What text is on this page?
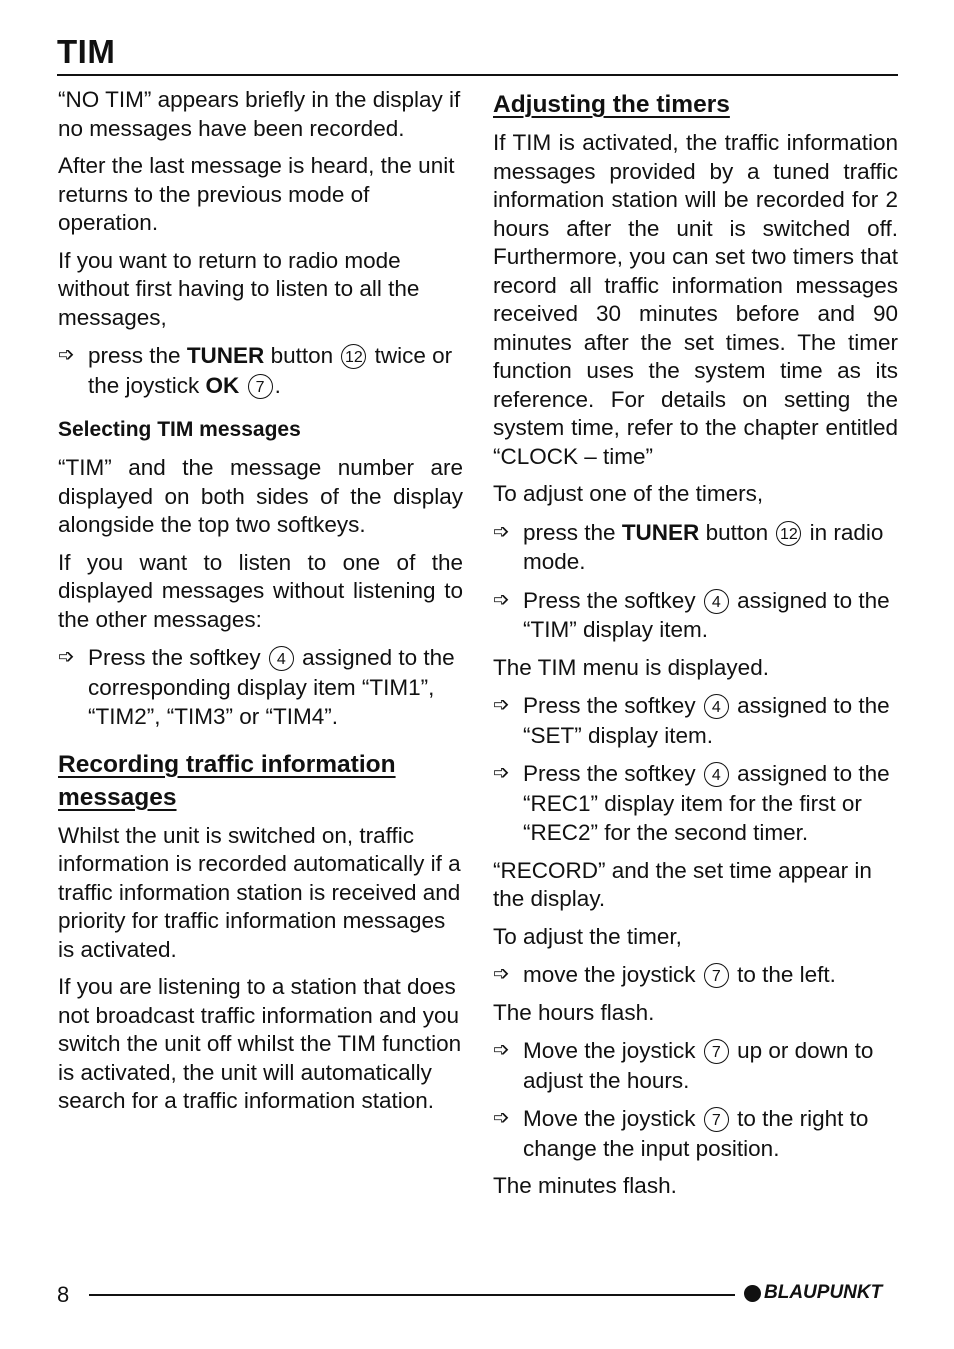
TIM

“NO TIM” appears briefly in the display if no messages have been recorded.

After the last message is heard, the unit returns to the previous mode of operation.

If you want to return to radio mode without first having to listen to all the messages,

➩ press the TUNER button 12 twice or the joystick OK 7 .
Selecting TIM messages

“TIM” and the message number are displayed on both sides of the display alongside the top two softkeys.

If you want to listen to one of the displayed messages without listening to the other messages:

➩ Press the softkey 4 assigned to the corresponding display item “TIM1”, “TIM2”, “TIM3” or “TIM4”.
Recording traffic information messages

Whilst the unit is switched on, traffic information is recorded automatically if a traffic information station is received and priority for traffic information messages is activated.

If you are listening to a station that does not broadcast traffic information and you switch the unit off whilst the TIM function is activated, the unit will automatically search for a traffic information station.

Adjusting the timers

If TIM is activated, the traffic information messages provided by a tuned traffic information station will be recorded for 2 hours after the unit is switched off. Furthermore, you can set two timers that record all traffic information messages received 30 minutes before and 90 minutes after the set times. The timer function uses the system time as its reference. For details on setting the system time, refer to the chapter entitled “CLOCK – time”

To adjust one of the timers,

➩ press the TUNER button 12 in radio mode.
➩ Press the softkey 4 assigned to the “TIM” display item.

The TIM menu is displayed.

➩ Press the softkey 4 assigned to the “SET” display item.
➩ Press the softkey 4 assigned to the “REC1” display item for the first or “REC2” for the second timer.

“RECORD” and the set time appear in the display.

To adjust the timer,

➩ move the joystick 7 to the left.

The hours flash.

➩ Move the joystick 7 up or down to adjust the hours.
➩ Move the joystick 7 to the right to change the input position.

The minutes flash.

8	BLAUPUNKT
